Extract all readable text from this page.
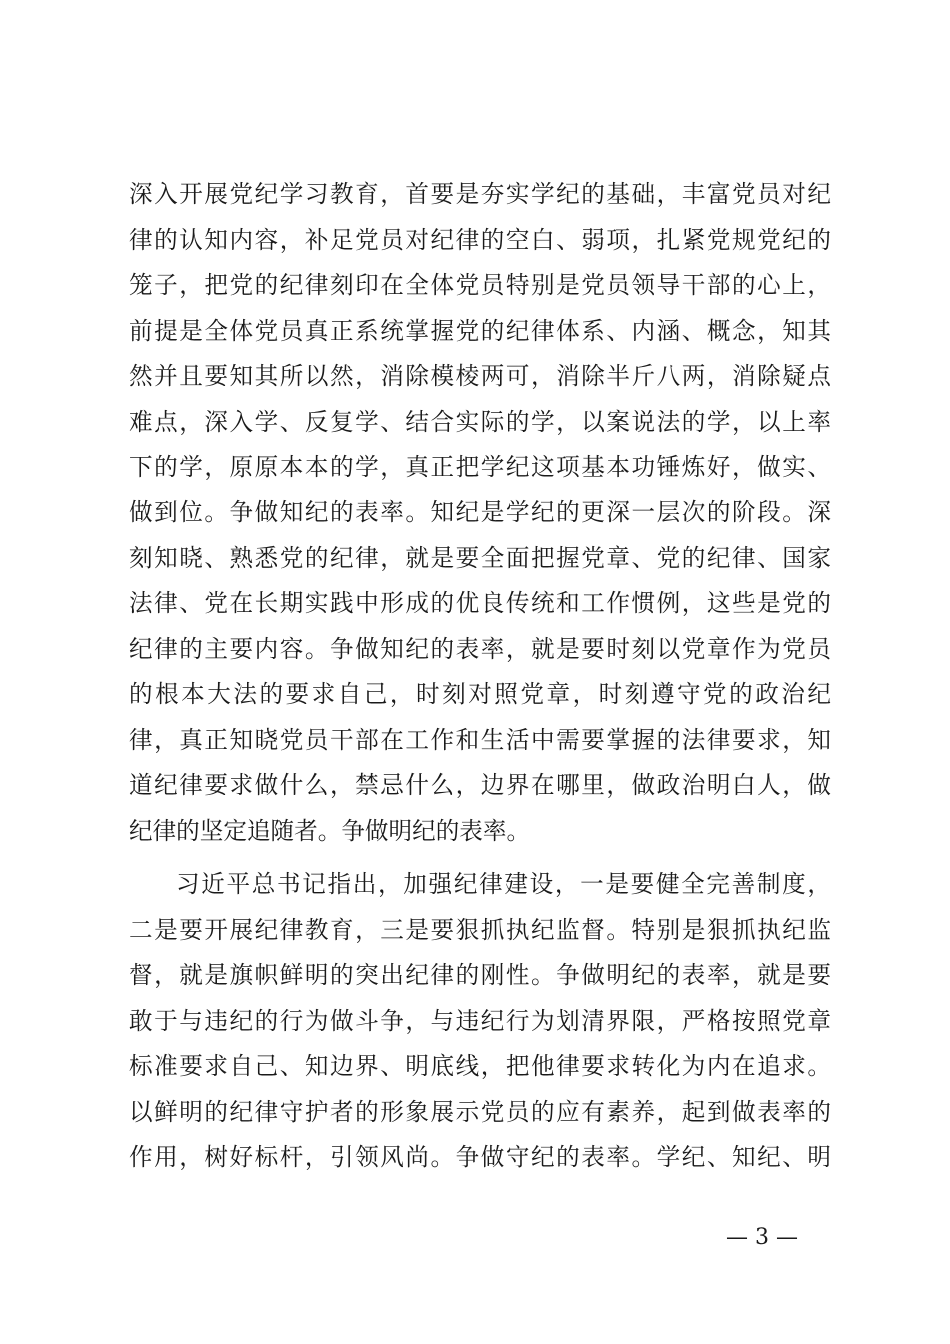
深入开展党纪学习教育，首要是夯实学纪的基础，丰富党员对纪
律的认知内容，补足党员对纪律的空白、弱项，扎紧党规党纪的
笼子，把党的纪律刻印在全体党员特别是党员领导干部的心上，
前提是全体党员真正系统掌握党的纪律体系、内涵、概念，知其
然并且要知其所以然，消除模棱两可，消除半斤八两，消除疑点
难点，深入学、反复学、结合实际的学，以案说法的学，以上率
下的学，原原本本的学，真正把学纪这项基本功锤炼好，做实、
做到位。争做知纪的表率。知纪是学纪的更深一层次的阶段。深
刻知晓、熟悉党的纪律，就是要全面把握党章、党的纪律、国家
法律、党在长期实践中形成的优良传统和工作惯例，这些是党的
纪律的主要内容。争做知纪的表率，就是要时刻以党章作为党员
的根本大法的要求自己，时刻对照党章，时刻遵守党的政治纪
律，真正知晓党员干部在工作和生活中需要掌握的法律要求，知
道纪律要求做什么，禁忌什么，边界在哪里，做政治明白人，做
纪律的坚定追随者。争做明纪的表率。
习近平总书记指出，加强纪律建设，一是要健全完善制度，
二是要开展纪律教育，三是要狠抓执纪监督。特别是狠抓执纪监
督，就是旗帜鲜明的突出纪律的刚性。争做明纪的表率，就是要
敢于与违纪的行为做斗争，与违纪行为划清界限，严格按照党章
标准要求自己、知边界、明底线，把他律要求转化为内在追求。
以鲜明的纪律守护者的形象展示党员的应有素养，起到做表率的
作用，树好标杆，引领风尚。争做守纪的表率。学纪、知纪、明
— 3 —
